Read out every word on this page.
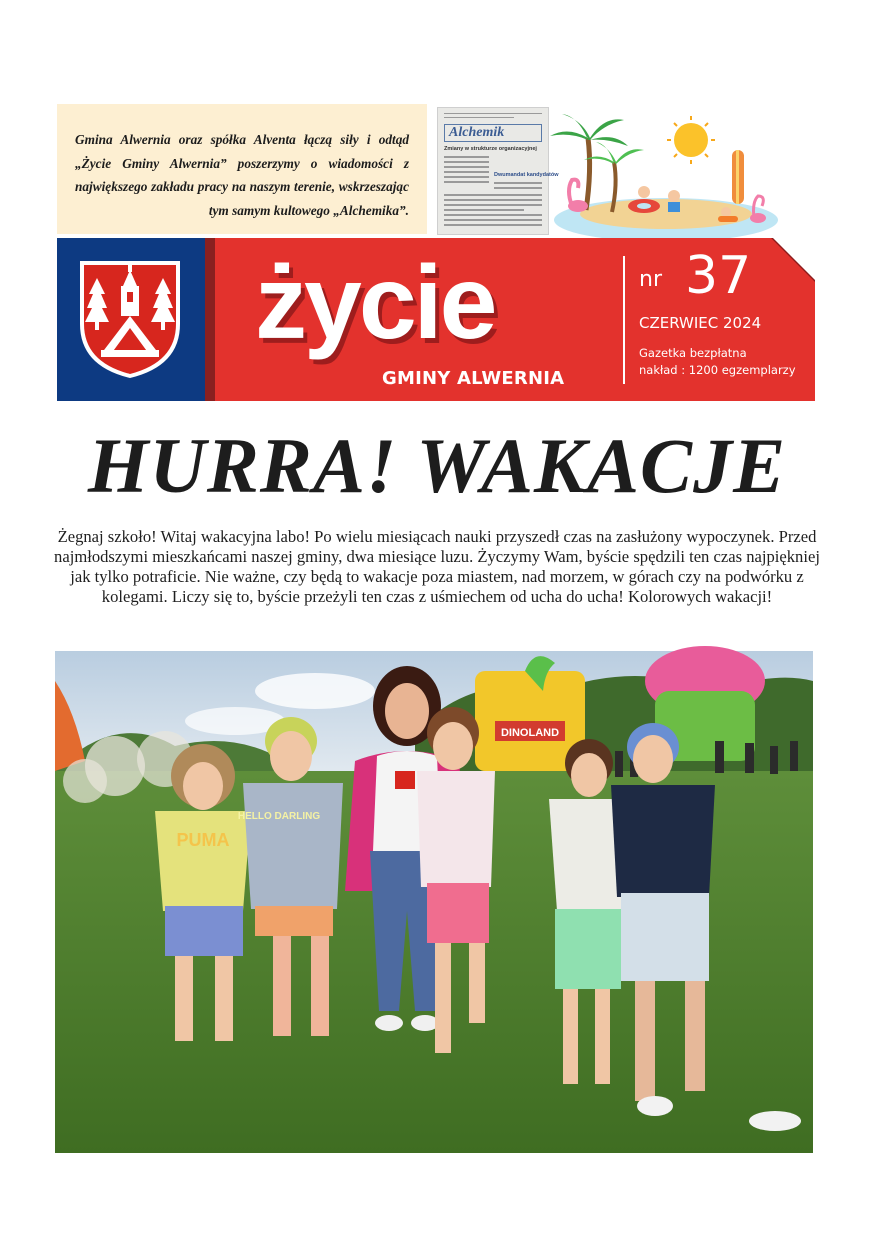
Gmina Alwernia oraz spółka Alventa łączą siły i odtąd „Życie Gminy Alwernia” poszerzymy o wiadomości z największego zakładu pracy na naszym terenie, wskrzeszając tym samym kultowego „Alchemika”.

Alchemik
Zmiany w strukturze organizacyjnej
Dwumandat kandydatów
życie
GMINY ALWERNIA
nr 37
CZERWIEC 2024
Gazetka bezpłatna
nakład : 1200 egzemplarzy
HURRA! WAKACJE

Żegnaj szkoło! Witaj wakacyjna labo! Po wielu miesiącach nauki przyszedł czas na zasłużony wypoczynek. Przed najmłodszymi mieszkańcami naszej gminy, dwa miesiące luzu. Życzymy Wam, byście spędzili ten czas najpiękniej jak tylko potraficie. Nie ważne, czy będą to wakacje poza miastem, nad morzem, w górach czy na podwórku z kolegami. Liczy się to, byście przeżyli ten czas z uśmiechem od ucha do ucha! Kolorowych wakacji!

DINOLAND
PUMA
HELLO DARLING
